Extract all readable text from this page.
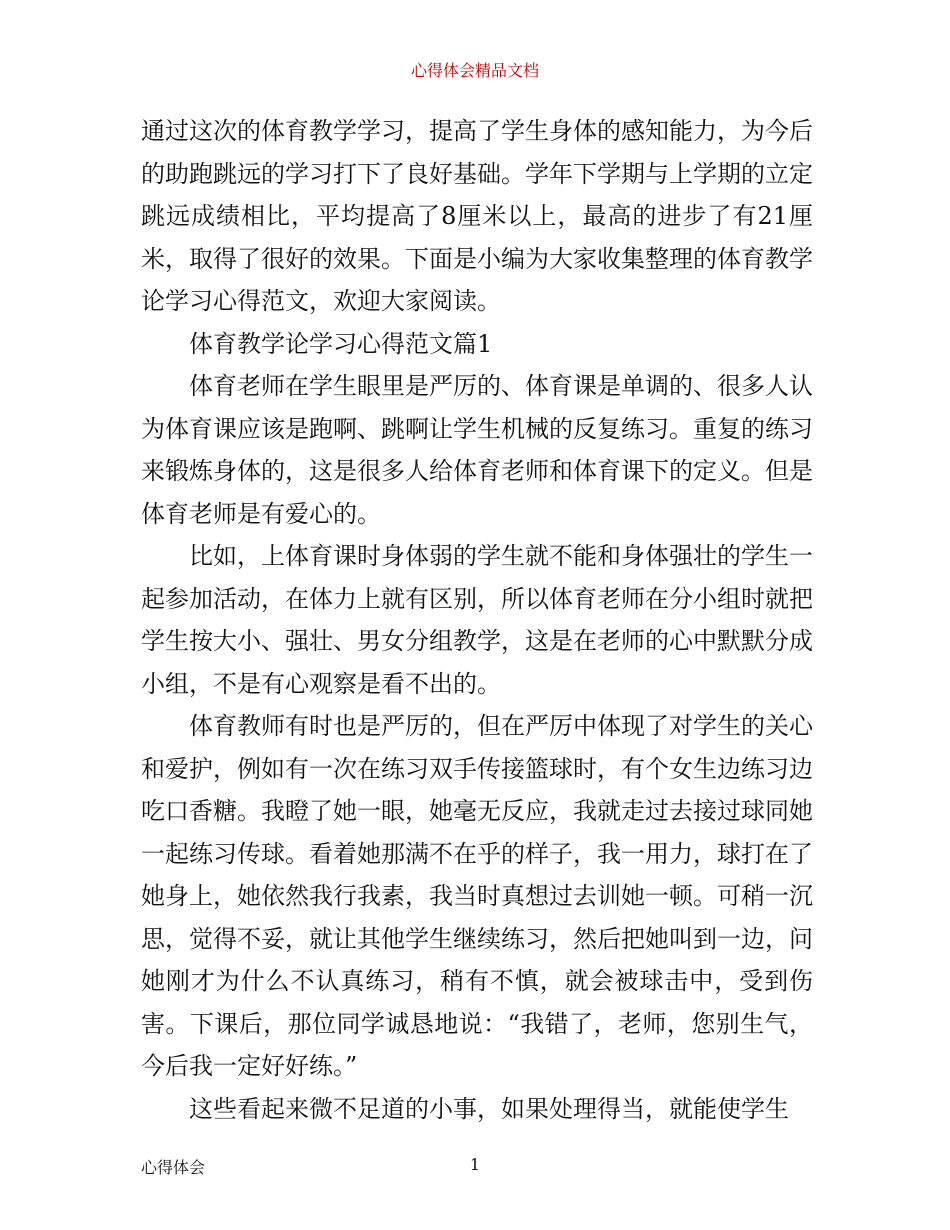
心得体会精品文档

通过这次的体育教学学习，提高了学生身体的感知能力，为今后的助跑跳远的学习打下了良好基础。学年下学期与上学期的立定跳远成绩相比，平均提高了8厘米以上，最高的进步了有21厘米，取得了很好的效果。下面是小编为大家收集整理的体育教学论学习心得范文，欢迎大家阅读。

体育教学论学习心得范文篇1

体育老师在学生眼里是严厉的、体育课是单调的、很多人认为体育课应该是跑啊、跳啊让学生机械的反复练习。重复的练习来锻炼身体的，这是很多人给体育老师和体育课下的定义。但是体育老师是有爱心的。

比如，上体育课时身体弱的学生就不能和身体强壮的学生一起参加活动，在体力上就有区别，所以体育老师在分小组时就把学生按大小、强壮、男女分组教学，这是在老师的心中默默分成小组，不是有心观察是看不出的。

体育教师有时也是严厉的，但在严厉中体现了对学生的关心和爱护，例如有一次在练习双手传接篮球时，有个女生边练习边吃口香糖。我瞪了她一眼，她毫无反应，我就走过去接过球同她一起练习传球。看着她那满不在乎的样子，我一用力，球打在了她身上，她依然我行我素，我当时真想过去训她一顿。可稍一沉思，觉得不妥，就让其他学生继续练习，然后把她叫到一边，问她刚才为什么不认真练习，稍有不慎，就会被球击中，受到伤害。下课后，那位同学诚恳地说：“我错了，老师，您别生气，今后我一定好好练。”

这些看起来微不足道的小事，如果处理得当，就能使学生

心得体会	1
